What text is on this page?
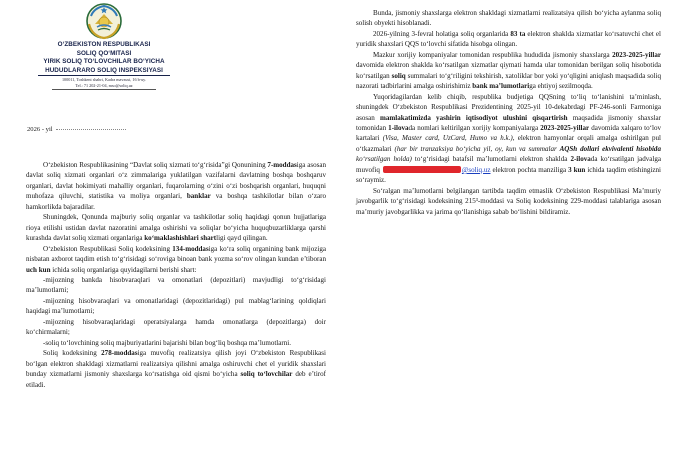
O‘ZBEKISTON RESPUBLIKASI
SOLIQ QO‘MITASI
YIRIK SOLIQ TO‘LOVCHILAR BO‘YICHA
HUDUDLARARO SOLIQ INSPEKSIYASI
100011, Toshkent shahri, Kadra mavzusi, 16 b-uy.
Tel.: 71 202-21-04, mso@soliq.uz
2026 - yil

O‘zbekiston Respublikasining “Davlat soliq xizmati to‘g‘risida”gi Qonunining 7-moddasiga asosan davlat soliq xizmati organlari o‘z zimmalariga yuklatilgan vazifalarni davlatning boshqa boshqaruv organlari, davlat hokimiyati mahalliy organlari, fuqarolarning o‘zini o‘zi boshqarish organlari, huquqni muhofaza qiluvchi, statistika va moliya organlari, banklar va boshqa tashkilotlar bilan o‘zaro hamkorlikda bajaradilar.

Shuningdek, Qonunda majburiy soliq organlar va tashkilotlar soliq haqidagi qonun hujjatlariga rioya etilishi ustidan davlat nazoratini amalga oshirishi va soliqlar bo‘yicha huquqbuzarliklarga qarshi kurashda davlat soliq xizmati organlariga ko‘maklashishlari shartligi qayd qilingan.

O‘zbekiston Respublikasi Soliq kodeksining 134-moddasiga ko‘ra soliq organining bank mijoziga nisbatan axborot taqdim etish to‘g‘risidagi so‘roviga binoan bank yozma so‘rov olingan kundan e’tiboran uch kun ichida soliq organlariga quyidagilarni berishi shart:

-mijozning bankda hisobvaraqlari va omonatlari (depozitlari) mavjudligi to‘g‘risidagi ma’lumotlarni;

-mijozning hisobvaraqlari va omonatlaridagi (depozitlaridagi) pul mablag‘larining qoldiqlari haqidagi ma’lumotlarni;

-mijozning hisobvaraqlaridagi operatsiyalarga hamda omonatlarga (depozitlarga) doir ko‘chirmalarni;

-soliq to‘lovchining soliq majburiyatlarini bajarishi bilan bog‘liq boshqa ma’lumotlarni.

Soliq kodeksining 278-moddasiga muvofiq realizatsiya qilish joyi O‘zbekiston Respublikasi bo‘lgan elektron shakldagi xizmatlarni realizatsiya qilishni amalga oshiruvchi chet el yuridik shaxslari bunday xizmatlarni jismoniy shaxslarga ko‘rsatishga oid qismi bo‘yicha soliq to‘lovchilar deb e’tirof etiladi.

Bunda, jismoniy shaxslarga elektron shakldagi xizmatlarni realizatsiya qilish bo‘yicha aylanma soliq solish obyekti hisoblanadi.

2026-yilning 3-fevral holatiga soliq organlarida 83 ta elektron shaklda xizmatlar ko‘rsatuvchi chet el yuridik shaxslari QQS to‘lovchi sifatida hisobga olingan.

Mazkur xorijiy kompaniyalar tomonidan respublika hududida jismoniy shaxslarga 2023-2025-yillar davomida elektron shaklda ko‘rsatilgan xizmatlar qiymati hamda ular tomonidan berilgan soliq hisobotida ko‘rsatilgan soliq summalari to‘g‘riligini tekshirish, xatoliklar bor yoki yo‘qligini aniqlash maqsadida soliq nazorati tadbirlarini amalga oshirishimiz bank ma’lumotlariga ehtiyoj sezilmoqda.

Yuqoridagilardan kelib chiqib, respublika budjetiga QQSning to‘liq to‘lanishini ta’minlash, shuningdek O‘zbekiston Respublikasi Prezidentining 2025-yil 10-dekabrdagi PF-246-sonli Farmoniga asosan mamlakatimizda yashirin iqtisodiyot ulushini qisqartirish maqsadida jismoniy shaxslar tomonidan 1-ilovada nomlari keltirilgan xorijiy kompaniyalarga 2023-2025-yillar davomida xalqaro to‘lov kartalari (Visa, Master card, UzCard, Humo va h.k.), elektron hamyonlar orqali amalga oshirilgan pul o‘tkazmalari (har bir tranzaksiya bo‘yicha yil, oy, kun va summalar AQSh dollari ekvivalenti hisobida ko‘rsatilgan holda) to‘g‘risidagi batafsil ma’lumotlarni elektron shaklda 2-ilovada ko‘rsatilgan jadvalga muvofiq	@soliq.uz elektron pochta manziliga 3 kun ichida taqdim etishingizni so‘raymiz.

So‘ralgan ma’lumotlarni belgilangan tartibda taqdim etmaslik O‘zbekiston Respublikasi Ma’muriy javobgarlik to‘g‘risidagi kodeksining 215³-moddasi va Soliq kodeksining 229-moddasi talablariga asosan ma’muriy javobgarlikka va jarima qo‘llanishiga sabab bo‘lishini bildiramiz.
